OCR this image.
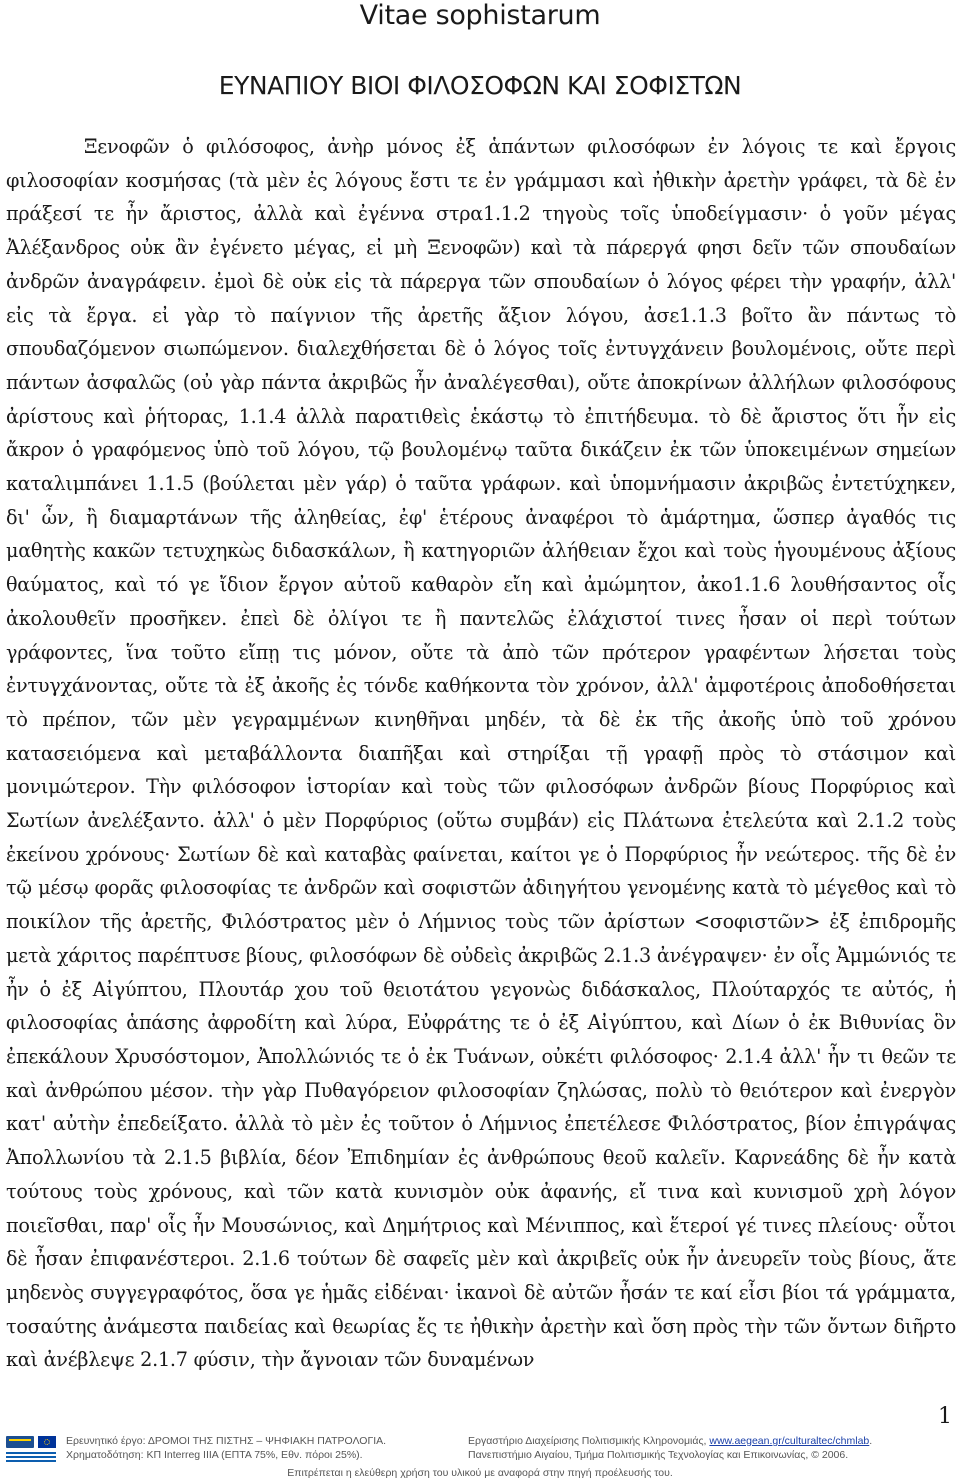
Vitae sophistarum
ΕΥΝΑΠΙΟΥ ΒΙΟΙ ΦΙΛΟΣΟΦΩΝ ΚΑΙ ΣΟΦΙΣΤΩΝ
Ξενοφῶν ὁ φιλόσοφος, ἀνὴρ μόνος ἐξ ἁπάντων φιλοσόφων ἐν λόγοις τε καὶ ἔργοις φιλοσοφίαν κοσμήσας (τὰ μὲν ἐς λόγους ἔστι τε ἐν γράμμασι καὶ ἠθικὴν ἀρετὴν γράφει, τὰ δὲ ἐν πράξεσί τε ἦν ἄριστος, ἀλλὰ καὶ ἐγέννα στρα1.1.2 τηγοὺς τοῖς ὑποδείγμασιν· ὁ γοῦν μέγας Ἀλέξανδρος οὐκ ἂν ἐγένετο μέγας, εἰ μὴ Ξενοφῶν) καὶ τὰ πάρεργά φησι δεῖν τῶν σπουδαίων ἀνδρῶν ἀναγράφειν. ἐμοὶ δὲ οὐκ εἰς τὰ πάρεργα τῶν σπουδαίων ὁ λόγος φέρει τὴν γραφήν, ἀλλ' εἰς τὰ ἔργα. εἰ γὰρ τὸ παίγνιον τῆς ἀρετῆς ἄξιον λόγου, ἀσε1.1.3 βοῖτο ἂν πάντως τὸ σπουδαζόμενον σιωπώμενον. διαλεχθήσεται δὲ ὁ λόγος τοῖς ἐντυγχάνειν βουλομένοις, οὔτε περὶ πάντων ἀσφαλῶς (οὐ γὰρ πάντα ἀκριβῶς ἦν ἀναλέγεσθαι), οὔτε ἀποκρίνων ἀλλήλων φιλοσόφους ἀρίστους καὶ ῥήτορας, 1.1.4 ἀλλὰ παρατιθεὶς ἑκάστῳ τὸ ἐπιτήδευμα. τὸ δὲ ἄριστος ὅτι ἦν εἰς ἄκρον ὁ γραφόμενος ὑπὸ τοῦ λόγου, τῷ βουλομένῳ ταῦτα δικάζειν ἐκ τῶν ὑποκειμένων σημείων καταλιμπάνει 1.1.5 (βούλεται μὲν γάρ) ὁ ταῦτα γράφων. καὶ ὑπομνήμασιν ἀκριβῶς ἐντετύχηκεν, δι' ὧν, ἢ διαμαρτάνων τῆς ἀληθείας, ἐφ' ἑτέρους ἀναφέροι τὸ ἁμάρτημα, ὥσπερ ἀγαθός τις μαθητὴς κακῶν τετυχηκὼς διδασκάλων, ἢ κατηγοριῶν ἀλήθειαν ἔχοι καὶ τοὺς ἡγουμένους ἀξίους θαύματος, καὶ τό γε ἴδιον ἔργον αὐτοῦ καθαρὸν εἴη καὶ ἀμώμητον, ἀκο1.1.6 λουθήσαντος οἷς ἀκολουθεῖν προσῆκεν. ἐπεὶ δὲ ὀλίγοι τε ἢ παντελῶς ἐλάχιστοί τινες ἦσαν οἱ περὶ τούτων γράφοντες, ἵνα τοῦτο εἴπῃ τις μόνον, οὔτε τὰ ἀπὸ τῶν πρότερον γραφέντων λήσεται τοὺς ἐντυγχάνοντας, οὔτε τὰ ἐξ ἀκοῆς ἐς τόνδε καθήκοντα τὸν χρόνον, ἀλλ' ἀμφοτέροις ἀποδοθήσεται τὸ πρέπον, τῶν μὲν γεγραμμένων κινηθῆναι μηδέν, τὰ δὲ ἐκ τῆς ἀκοῆς ὑπὸ τοῦ χρόνου κατασειόμενα καὶ μεταβάλλοντα διαπῆξαι καὶ στηρίξαι τῇ γραφῇ πρὸς τὸ στάσιμον καὶ μονιμώτερον. Τὴν φιλόσοφον ἱστορίαν καὶ τοὺς τῶν φιλοσόφων ἀνδρῶν βίους Πορφύριος καὶ Σωτίων ἀνελέξαντο. ἀλλ' ὁ μὲν Πορφύριος (οὕτω συμβάν) εἰς Πλάτωνα ἐτελεύτα καὶ 2.1.2 τοὺς ἐκείνου χρόνους· Σωτίων δὲ καὶ καταβὰς φαίνεται, καίτοι γε ὁ Πορφύριος ἦν νεώτερος. τῆς δὲ ἐν τῷ μέσῳ φορᾶς φιλοσοφίας τε ἀνδρῶν καὶ σοφιστῶν ἀδιηγήτου γενομένης κατὰ τὸ μέγεθος καὶ τὸ ποικίλον τῆς ἀρετῆς, Φιλόστρατος μὲν ὁ Λήμνιος τοὺς τῶν ἀρίστων <σοφιστῶν> ἐξ ἐπιδρομῆς μετὰ χάριτος παρέπτυσε βίους, φιλοσόφων δὲ οὐδεὶς ἀκριβῶς 2.1.3 ἀνέγραψεν· ἐν οἷς Ἀμμώνιός τε ἦν ὁ ἐξ Αἰγύπτου, Πλουτάρ χου τοῦ θειοτάτου γεγονὼς διδάσκαλος, Πλούταρχός τε αὐτός, ἡ φιλοσοφίας ἁπάσης ἀφροδίτη καὶ λύρα, Εὐφράτης τε ὁ ἐξ Αἰγύπτου, καὶ Δίων ὁ ἐκ Βιθυνίας ὃν ἐπεκάλουν Χρυσόστομον, Ἀπολλώνιός τε ὁ ἐκ Τυάνων, οὐκέτι φιλόσοφος· 2.1.4 ἀλλ' ἦν τι θεῶν τε καὶ ἀνθρώπου μέσον. τὴν γὰρ Πυθαγόρειον φιλοσοφίαν ζηλώσας, πολὺ τὸ θειότερον καὶ ἐνεργὸν κατ' αὐτὴν ἐπεδείξατο. ἀλλὰ τὸ μὲν ἐς τοῦτον ὁ Λήμνιος ἐπετέλεσε Φιλόστρατος, βίον ἐπιγράψας Ἀπολλωνίου τὰ 2.1.5 βιβλία, δέον Ἐπιδημίαν ἐς ἀνθρώπους θεοῦ καλεῖν. Καρνεάδης δὲ ἦν κατὰ τούτους τοὺς χρόνους, καὶ τῶν κατὰ κυνισμὸν οὐκ ἀφανής, εἴ τινα καὶ κυνισμοῦ χρὴ λόγον ποιεῖσθαι, παρ' οἷς ἦν Μουσώνιος, καὶ Δημήτριος καὶ Μένιππος, καὶ ἕτεροί γέ τινες πλείους· οὗτοι δὲ ἦσαν ἐπιφανέστεροι. 2.1.6 τούτων δὲ σαφεῖς μὲν καὶ ἀκριβεῖς οὐκ ἦν ἀνευρεῖν τοὺς βίους, ἅτε μηδενὸς συγγεγραφότος, ὅσα γε ἡμᾶς εἰδέναι· ἱκανοὶ δὲ αὐτῶν ἦσάν τε καί εἶσι βίοι τά γράμματα, τοσαύτης ἀνάμεστα παιδείας καὶ θεωρίας ἔς τε ἠθικὴν ἀρετὴν καὶ ὅση πρὸς τὴν τῶν ὄντων διῆρτο καὶ ἀνέβλεψε 2.1.7 φύσιν, τὴν ἄγνοιαν τῶν δυναμένων
1
Ερευνητικό έργο: ΔΡΟΜΟΙ ΤΗΣ ΠΙΣΤΗΣ – ΨΗΦΙΑΚΗ ΠΑΤΡΟΛΟΓΙΑ.
Χρηματοδότηση: ΚΠ Interreg IIIA (ΕΠΤΑ 75%, Εθν. πόροι 25%).
Εργαστήριο Διαχείρισης Πολιτισμικής Κληρονομιάς, www.aegean.gr/culturaltec/chmlab.
Πανεπιστήμιο Αιγαίου, Τμήμα Πολιτισμικής Τεχνολογίας και Επικοινωνίας, © 2006.
Επιτρέπεται η ελεύθερη χρήση του υλικού με αναφορά στην πηγή προέλευσής του.
